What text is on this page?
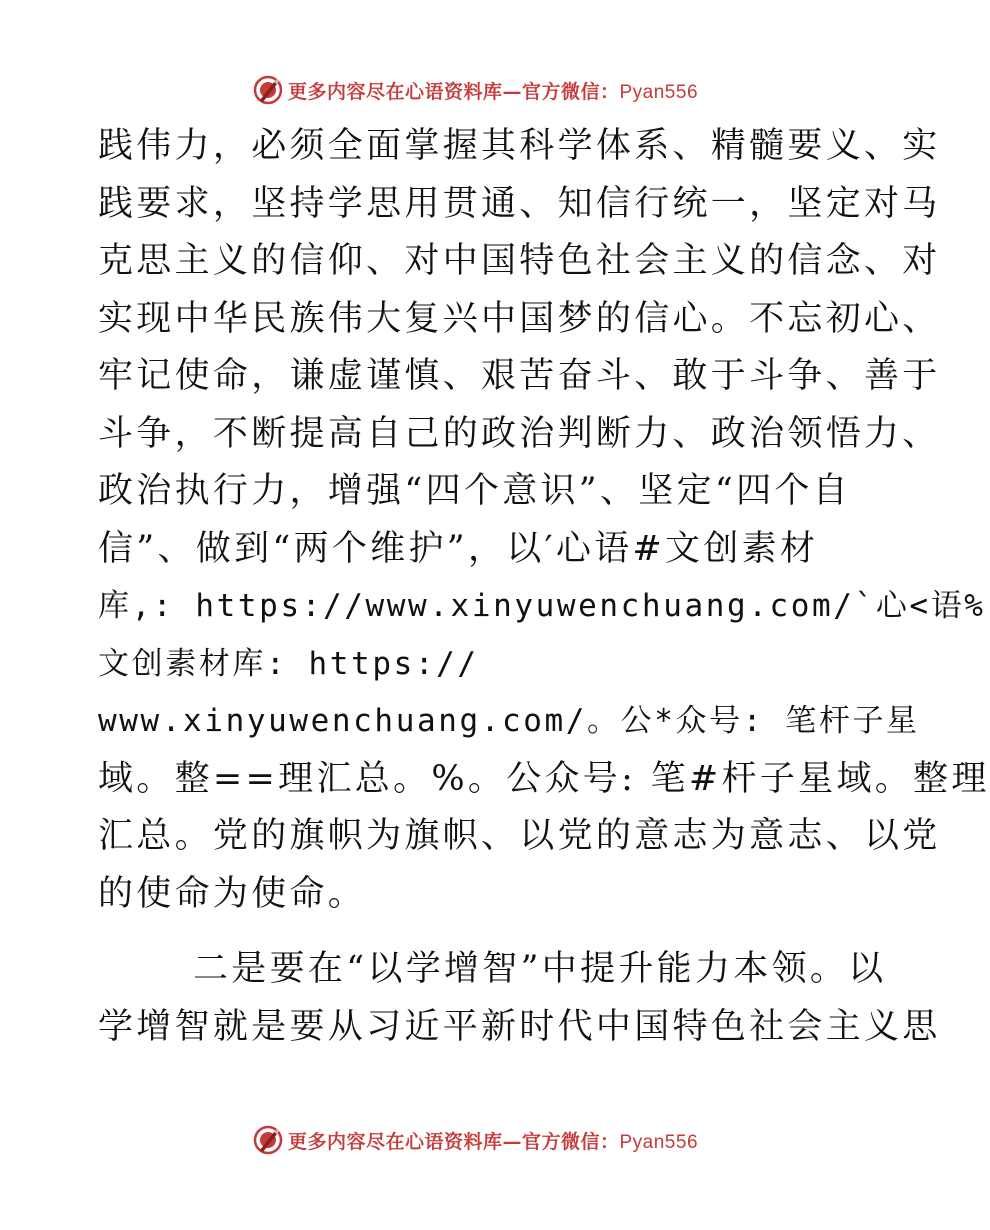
更多内容尽在心语资料库—官方微信：Pyan556
践伟力，必须全面掌握其科学体系、精髓要义、实
践要求，坚持学思用贯通、知信行统一，坚定对马
克思主义的信仰、对中国特色社会主义的信念、对
实现中华民族伟大复兴中国梦的信心。不忘初心、
牢记使命，谦虚谨慎、艰苦奋斗、敢于斗争、善于
斗争，不断提高自己的政治判断力、政治领悟力、
政治执行力，增强“四个意识”、坚定“四个自
信”、做到“两个维护”，以′心语#文创素材
库,: https://www.xinyuwenchuang.com/`心<语%
文创素材库: https://
www.xinyuwenchuang.com/。公*众号: 笔杆子星
域。整==理汇总。%。公众号: 笔#杆子星域。整理
汇总。党的旗帜为旗帜、以党的意志为意志、以党
的使命为使命。
二是要在“以学增智”中提升能力本领。以
学增智就是要从习近平新时代中国特色社会主义思
更多内容尽在心语资料库—官方微信：Pyan556
